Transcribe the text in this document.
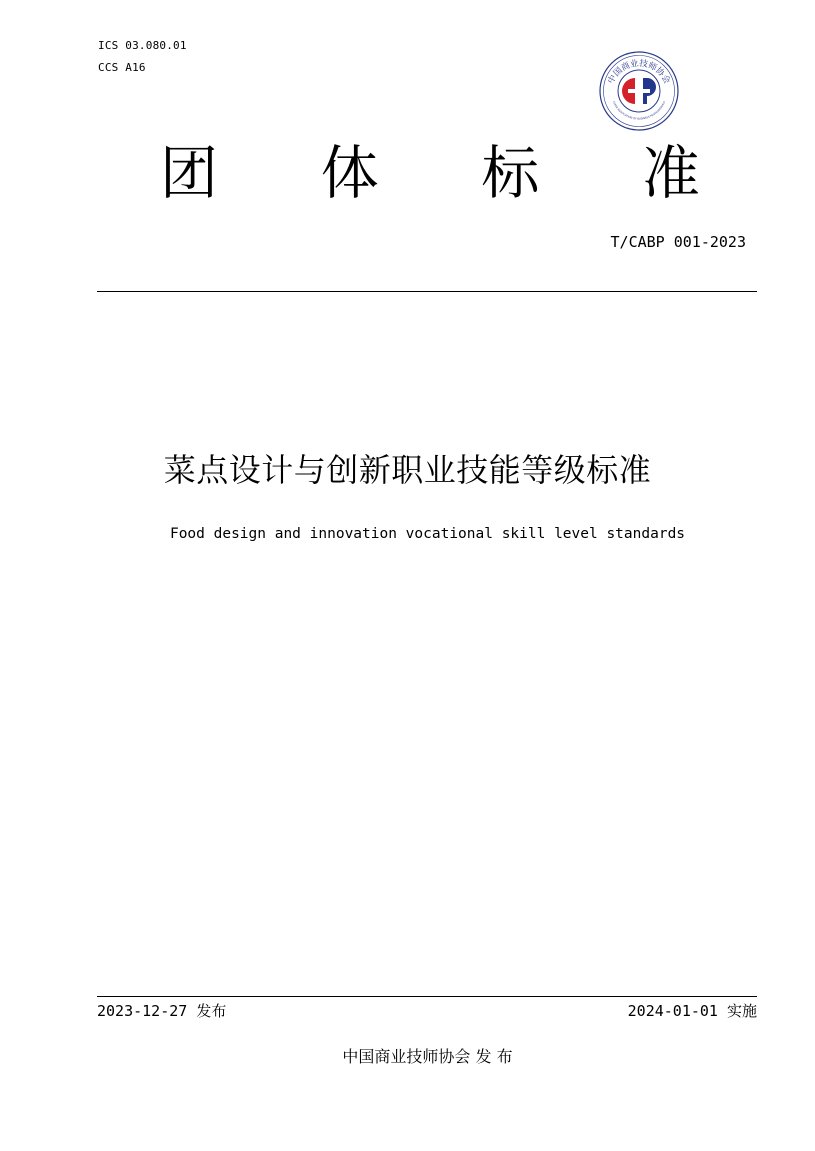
ICS 03.080.01
CCS A16
中国商业技师协会
CHINA ASSOCIATION OF BUSINESS PROFESSIONALS
团 体 标 准
T/CABP 001-2023
菜点设计与创新职业技能等级标准
Food design and innovation vocational skill level standards
2023-12-27 发布	2024-01-01 实施
中国商业技师协会 发 布
